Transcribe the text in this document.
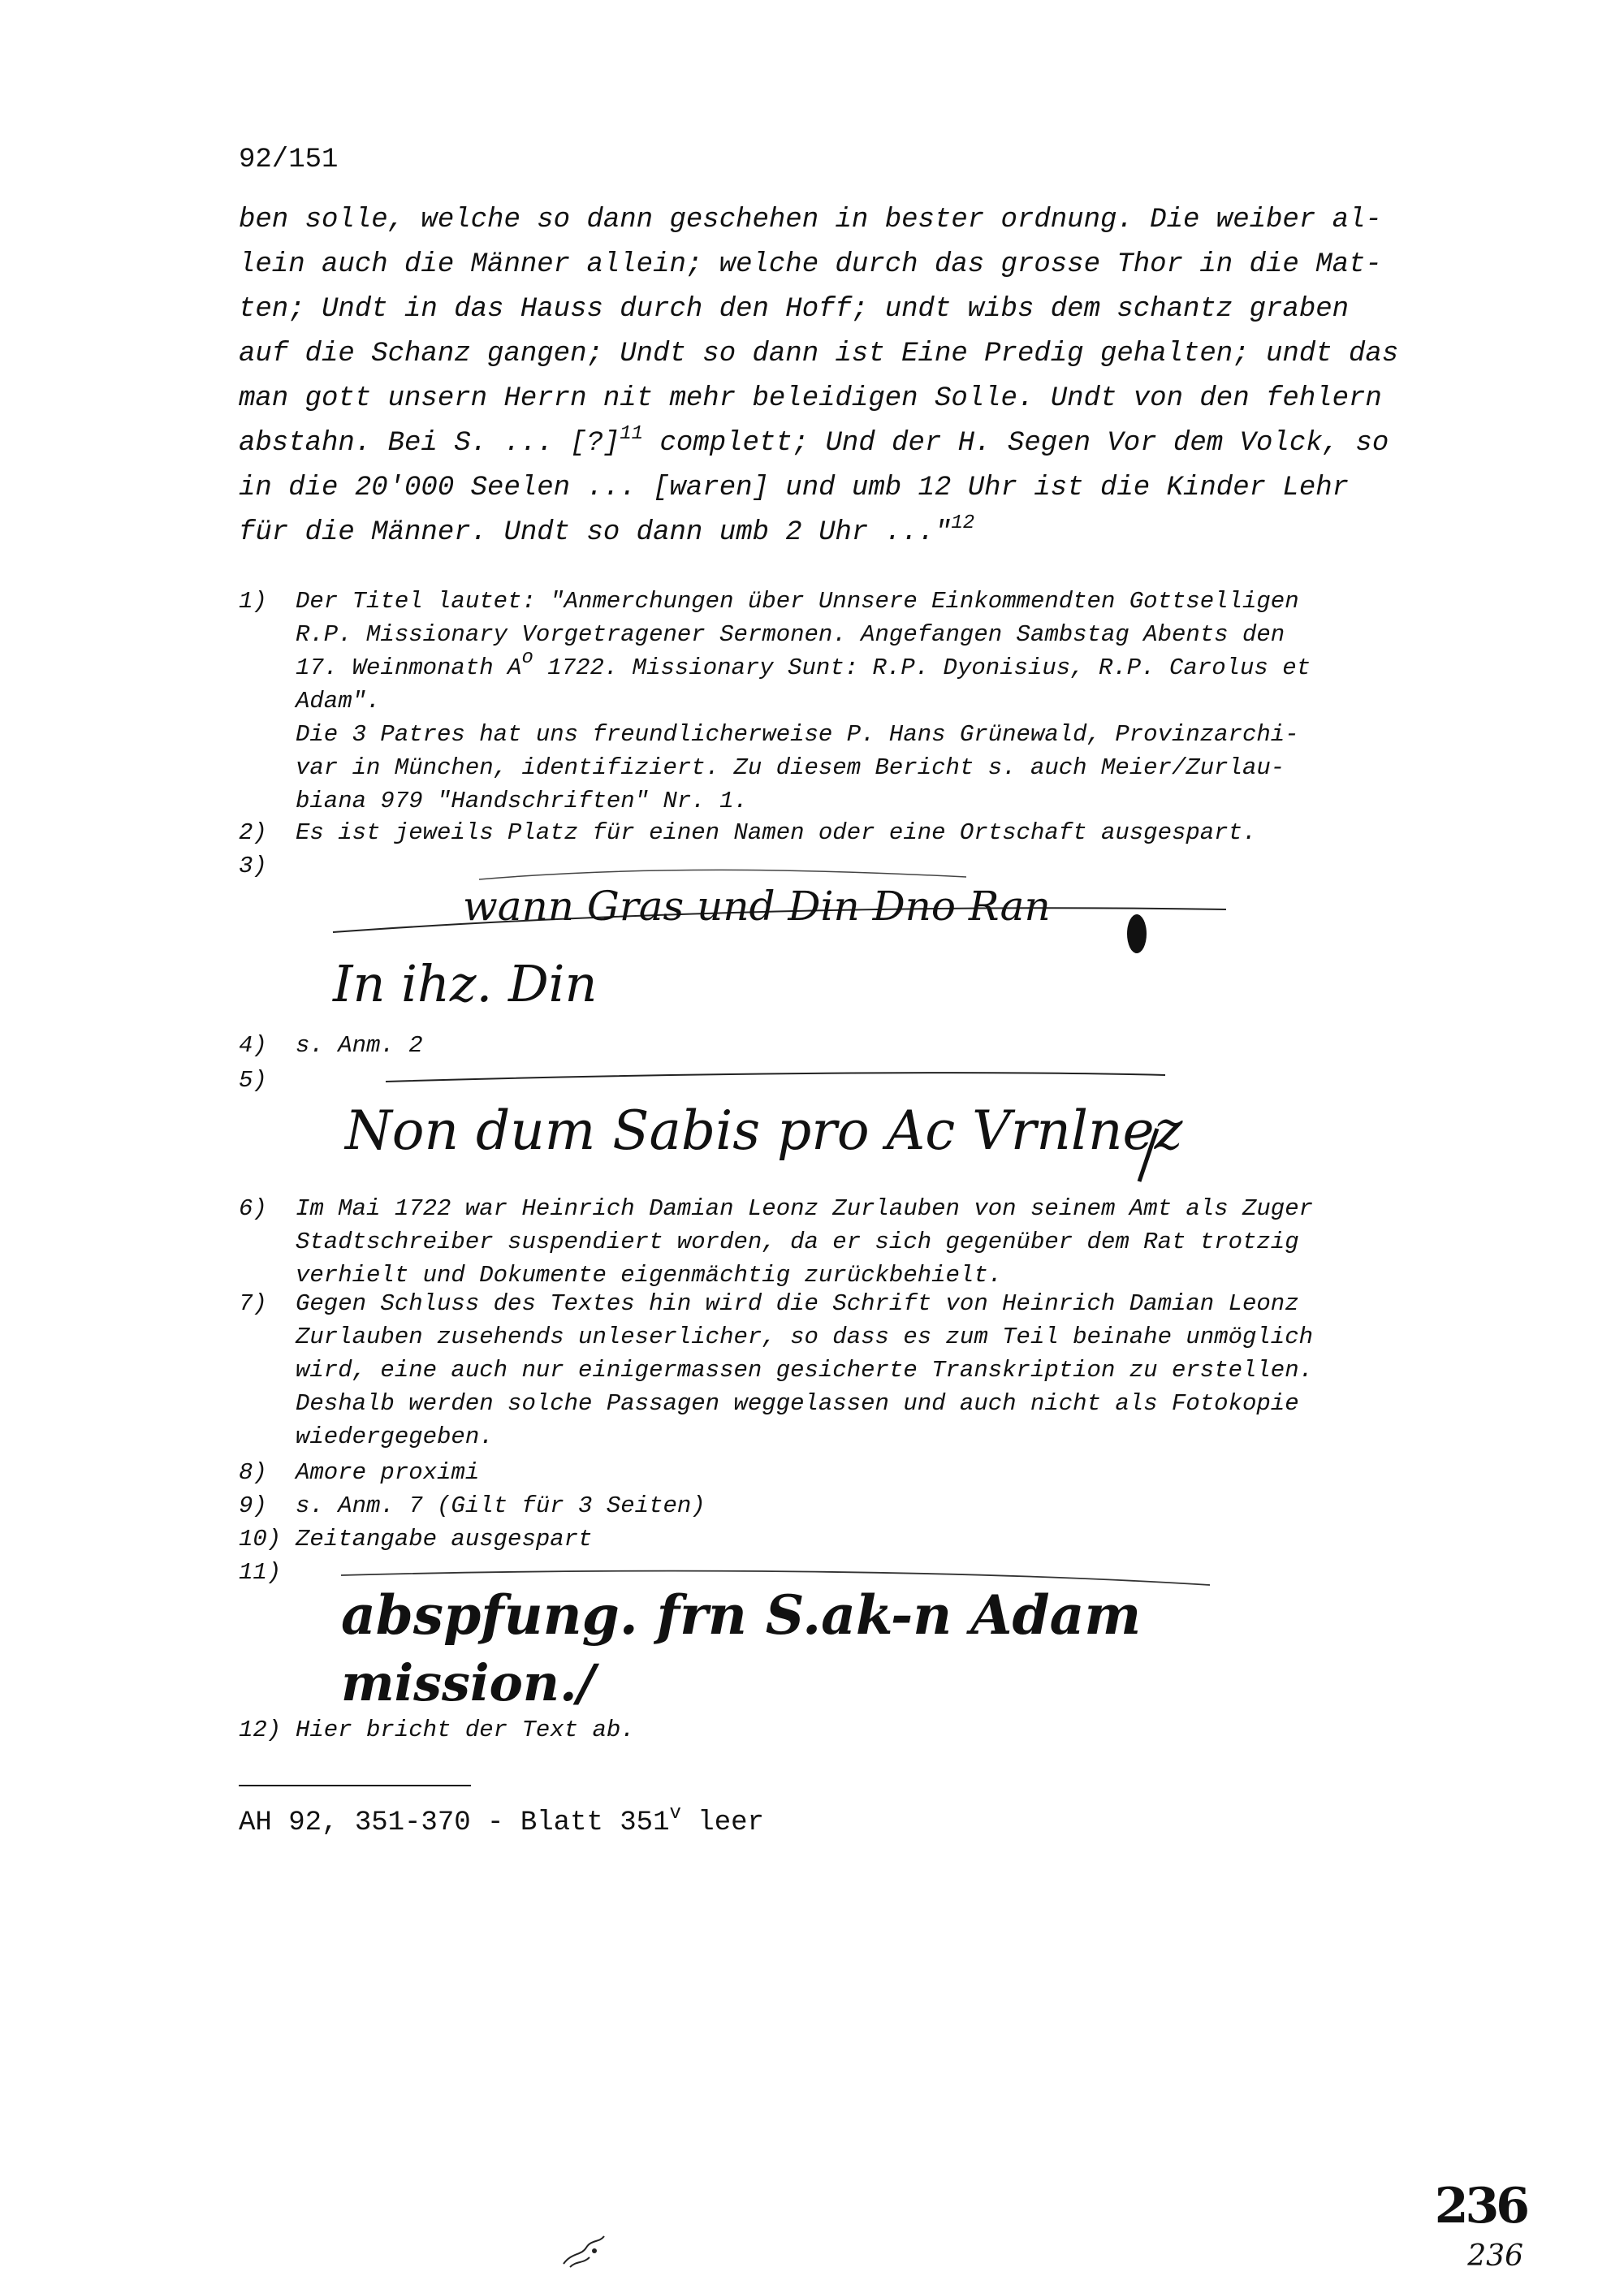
92/151
ben solle, welche so dann geschehen in bester ordnung. Die weiber al-
lein auch die Männer allein; welche durch das grosse Thor in die Mat-
ten; Undt in das Hauss durch den Hoff; undt wibs dem schantz graben
auf die Schanz gangen; Undt so dann ist Eine Predig gehalten; undt das
man gott unsern Herrn nit mehr beleidigen Solle. Undt von den fehlern
abstahn. Bei S. ... [?]$^{11}$ complett; Und der H. Segen Vor dem Volck, so
in die 20'000 Seelen ... [waren] und umb 12 Uhr ist die Kinder Lehr
für die Männer. Undt so dann umb 2 Uhr ..."$^{12}$
1)	Der Titel lautet: "Anmerchungen über Unnsere Einkommendten Gottselligen
R.P. Missionary Vorgetragener Sermonen. Angefangen Sambstag Abents den
17. Weinmonath $A^o$ 1722. Missionary Sunt: R.P. Dyonisius, R.P. Carolus et
Adam".
Die 3 Patres hat uns freundlicherweise P. Hans Grünewald, Provinzarchi-
var in München, identifiziert. Zu diesem Bericht s. auch Meier/Zurlau-
biana 979 "Handschriften" Nr. 1.
2)	Es ist jeweils Platz für einen Namen oder eine Ortschaft ausgespart.
3)
wann Gras und Din Dno Ran
In ihz. Din
4)	s. Anm. 2
5)
Non dum Sabis pro Ac Vrnlnez
6)	Im Mai 1722 war Heinrich Damian Leonz Zurlauben von seinem Amt als Zuger
Stadtschreiber suspendiert worden, da er sich gegenüber dem Rat trotzig
verhielt und Dokumente eigenmächtig zurückbehielt.
7)	Gegen Schluss des Textes hin wird die Schrift von Heinrich Damian Leonz
Zurlauben zusehends unleserlicher, so dass es zum Teil beinahe unmöglich
wird, eine auch nur einigermassen gesicherte Transkription zu erstellen.
Deshalb werden solche Passagen weggelassen und auch nicht als Fotokopie
wiedergegeben.
8)	Amore proximi
9)	s. Anm. 7 (Gilt für 3 Seiten)
10) Zeitangabe ausgespart
11)
abspfung. frn S.ak-n Adam
mission./
12) Hier bricht der Text ab.
AH 92, 351-370 - Blatt 351$^v$ leer
236
236
